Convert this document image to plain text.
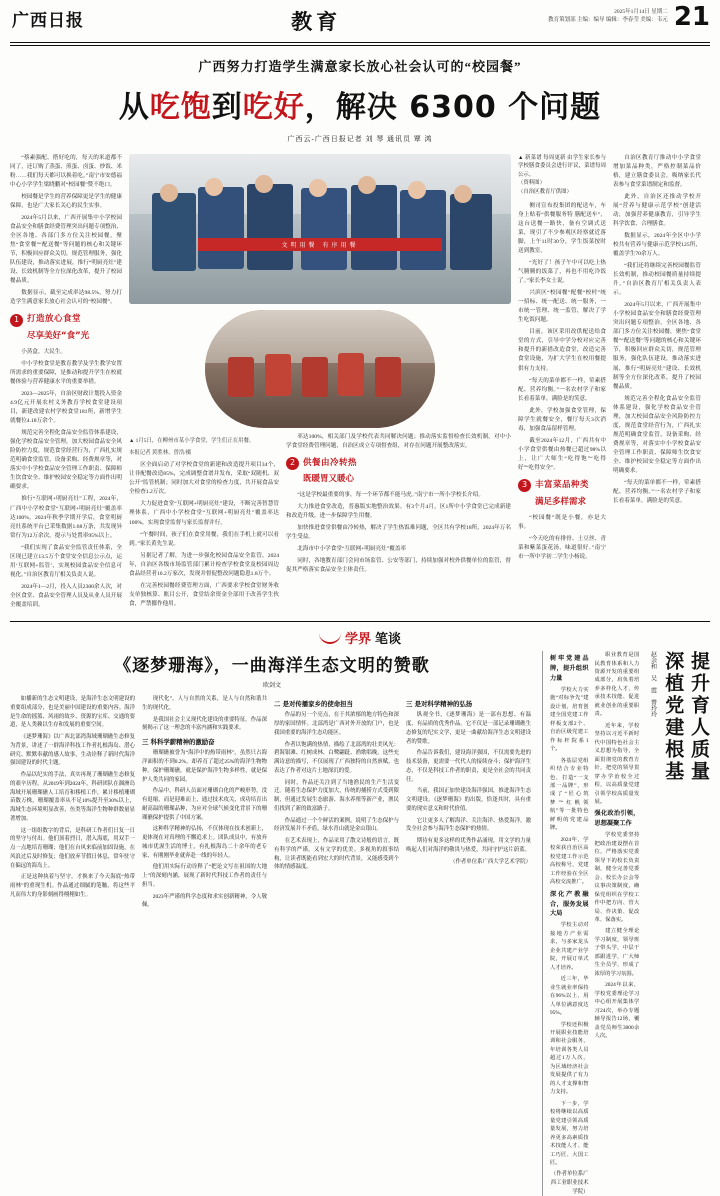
广西日报	教育	2025年1月14日 星期二
教育策划部 主编：编导 编辑：李春莹 美编：韦元 21
广西努力打造学生满意家长放心社会认可的“校园餐”
从吃饱到吃好，解决 6300 个问题
广西云-广西日报记者 刘 琴 通讯员 覃 鸿

“蔡素强配、搭好吃的，每天的米道都不同了，还订购了蒸蛋、煎蛋、卤蛋、炒饭、米粉……我们每天都可以换着吃。”南宁市安德福中心小学学生梁晓鹏对“校园餐”赞不绝口。

校园餐是学生的营养保障更是学生的健康保障，也是广大家长关心的民生实事。

2024年5月以来，广西开展集中小学校园食品安全和膳食经费管理突出问题专项整治，全区各地、各部门多方位关注校园餐，聚焦“食堂餐”“配送餐”等问题的核心和关键环节，积极回应群众关切，规范管理服务，强化队伍建设，推动落实进展，推行“明厨亮灶”建设、长效机制等全方位深化改革，提升了校园餐品质。

数据显示，截至完成率达98.5%，努力打造学生满意家长放心社会认可的“校园餐”。

1 打造放心食堂
尽享美好“食”光

小蒸盒，大民生。

中小学校食堂是教育教学及学生教学安置所需求的重要保障，是推动和提升学生在校就餐体验与营养健康水平的重要举措。

2023—2025年，自治区财政计划投入资金4.9亿元开展农村义务教育学校食堂建设项目，新建改建农村学校食堂181所，新增学生就餐位4.18万余个。

规范完善全程化食品安全监管体系建设，强化学校食品安全管理，加大校园食品安全风险防控力度，规范食堂经营行为，广西扎实规范明确食堂监管，设备采购、经费规章等，对落实中小学校食品安全管理工作职责、保障师生饮食安全、维护校园安全稳定等方面作出明确要求。

推行“互联网+明厨亮灶”工程，2024年，广西中小学校食堂“互联网+明厨亮灶”覆盖率达100%，2024年秋季学期开学后，食堂明厨亮灶系统平台已采集数据1.68万条，共发现异常行为12万余次，提示与处置率95%以上。

“我们实现了食品安全监管责任体系，全区现已建立13.5万个食堂安全信息公示点，运用‘互联网+监管’，实现校园食品安全信息可视化。”自治区教育厅相关负责人说。

2024年1—2月，投入人员2300余人次，对全区食堂、食品安全管理人员及从业人员开展全覆盖培训。

文明用餐 有序用餐
▲ 1月5日，在柳州市某小学食堂，学生们正在用餐。
本报记者 黄胜林、曾浩/摄

区全面启动了对学校食堂的新建和改造提升项目34个，让非配餐改造85%，完成调整食谱并发布，采取“双随机、双公开”监管机制；同时加大对食堂的检查力度，共开展食品安全检查1.2万次。

大力促进食堂“互联网+明厨亮灶”建设，不断完善智慧管理体系，广西中小学校食堂“互联网+明厨亮灶”覆盖率达100%，实现食堂监督与家长监督并行。

“午餐时间，孩子们在食堂用餐，我们在手机上就可以看到。”家长黄先生说。

另据记者了解，为进一步强化校园食品安全监管，2024年，自治区各级市场监管部门累计检查学校食堂及校园周边食品经营者10.2万家次，发现并督促整改问题隐患1.8万个。

在完善校园餐经费管理方面，广西要求学校食堂财务收支单独核算、账目公开，食堂结余资金全部用于改善学生伙食，严禁挪作他用。

率达100%，相关部门及学校代表共同解决问题；推动落实监督检查长效机制，对中小学食堂经费管理问题，自治区成立专项督查组，对存在问题开展整改落实。

2 供餐由冷转热
既暖胃又暖心

“这是学校最重要的事，每一个环节都不能马虎。”南宁市一所小学校长介绍。

大力推进食堂改造，普惠版实地整治效果。有3个月4月，区1所中小学食堂已完成新建和改造升级，进一步保障学生用餐。

加快推进食堂供餐由冷转热，解决了学生热饭难问题，全区共有学校18所，2024年万名学生受益。

北海市中小学食堂“互联网+明厨亮灶”覆盖率

同时，各地教育部门会同市场监管、公安等部门，持续加强对校外供餐单位的监管，督促其严格落实食品安全主体责任。

▲ 新菜谱 每周更新 由学生家长参与学校膳食委员会进行评议，菜谱每周公示。
（资料图）
（自治区教育厅供图）

侧司宣布投集团的配送车，车身上贴着“供餐服务特 膳配送车”，这台送餐一路快，备有空调式送菜，现引了不少参观区经察就近落脚，上午11时30分，学生饭菜按时送到教室。

“光好了！孩子午中可以吃上热气腾腾的饭菜了，再也不用吃冷饭了。”家长李女士说。

兴滨区“校园餐”配餐“校村”统一招标、统一配送、统一服务，一市统一管理、统一监管，解决了学生吃饭问题。

目前，该区采用改供配送给食堂的方式，引导中学分校对应完善和提升的新措改造食堂，改造完善食堂设施，为扩大学生在校用餐提供有力支持。

“每天的菜单都不一样，荤素搭配、营养均衡。”一名农村学子和家长看着菜单，满脸是的笑意。

此外，学校加强食堂管理，保障学生就餐安全，餐厅每天3次消毒，加强食品留样管理。

截至2024年12月，广西共有中小学食堂供餐由热餐已超过98%以上，让广大师生“吃得饱”“吃得好”“吃得安全”。

3 丰富菜品种类
满足多样需求

“校园餐”既是小餐，亦是大事。

“今天吃的有排骨、土豆丝、青菜和紫菜蛋花汤，味道很好。”南宁市一所中学初二学生小杨说。

自治区教育厅推动中小学食堂增加菜品种类，严格控制菜品价格，建立膳食委员会，吸纳家长代表参与食堂菜谱制定和监督。

此外，自治区还推动学校开展“营养与健康示范学校”创建活动，加强营养健康教育，引导学生科学饮食、合理膳食。

数据显示，2024年全区中小学校共有营养与健康示范学校125所，覆盖学生70余万人。

“我们还将继续完善校园餐监管长效机制，推动校园餐质量持续提升。”自治区教育厅相关负责人表示。

2024年5月以来，广西开展集中小学校园食品安全和膳食经费管理突出问题专项整治，全区各地、各部门多方位关注校园餐，聚焦“食堂餐”“配送餐”等问题的核心和关键环节，积极回应群众关切，规范管理服务，强化队伍建设，推动落实进展，推行“明厨亮灶”建设、长效机制等全方位深化改革，提升了校园餐品质。

规范完善全程化食品安全监管体系建设，强化学校食品安全管理，加大校园食品安全风险防控力度，规范食堂经营行为，广西扎实规范明确食堂监管，设备采购、经费规章等，对落实中小学校食品安全管理工作职责、保障师生饮食安全、维护校园安全稳定等方面作出明确要求。

“每天的菜单都不一样，荤素搭配、营养均衡。”一名农村学子和家长看着菜单，满脸是的笑意。

学界 笔谈
《逐梦珊海》，一曲海洋生态文明的赞歌
欧剑文

如播新的生态文明建设，是海洋生态文明建设的重要组成部分，也是美丽中国建设的重要内容。海洋是生命的摇篮、风雨的故乡、资源的宝库、交通的要道，是人类赖以生存和发展的重要空间。

《逐梦珊海》以广西北部湾海域珊瑚礁生态修复为背景，讲述了一群海洋科技工作者扎根海岛、潜心研究、默默奉献的感人故事，生动诠释了新时代海洋强国建设的时代主题。

作品以纪实的手法，真实再现了珊瑚礁生态修复的艰辛历程。从2019年到2024年，科研团队在涠洲岛海域开展珊瑚礁人工培育和移植工作，累计移植珊瑚苗数万株，珊瑚覆盖率从不足10%提升至30%以上，海域生态环境明显改善，鱼类等海洋生物种群数量显著增加。

这一组组数字的背后，是科研工作者们日复一日的坚守与付出。他们顶着烈日，潜入海底，用双手一点一点地培育珊瑚；他们在台风来临前加固设施，在风浪过后及时修复；他们放弃节假日休息，常年驻守在偏远的海岛上。

正是这种执着与坚守，才换来了今天海底“热带雨林”的重现生机。作品通过细腻的笔触，将这些平凡而伟大的身影刻画得栩栩如生。

现代化”，人与自然的关系，是人与自然和谐共生的现代化。

是我国社会主义现代化建设的重要特征。作品深刻揭示了这一理念的丰富内涵和实践要求。

三 科科学薪精神的激励奋

珊瑚礁被誉为“海洋中的热带雨林”，虽然只占海洋面积的不到0.2%，却养育了超过25%的海洋生物物种。保护珊瑚礁，就是保护海洋生物多样性，就是保护人类共同的家园。

作品中，科研人员面对珊瑚白化的严峻形势，没有退缩，而是迎难而上，通过技术攻关，成功培育出耐高温的珊瑚品种，为应对全球气候变化背景下的珊瑚礁保护提供了中国方案。

这种科学精神的弘扬，不仅体现在技术创新上，更体现在对真理的不懈追求上。团队成员中，有放弃城市优渥生活的博士，有扎根海岛二十余年的老专家，有刚刚毕业就奔赴一线的年轻人。

他们用实际行动诠释了“把论文写在祖国的大地上”的深刻内涵，展现了新时代科技工作者的责任与担当。

2023年严谨的科学态度和求实创新精神，令人敬佩。

二 是对传播家乡的使命担当

作品的另一个亮点，在于其浓郁的地方特色和深厚的家国情怀。北部湾是广西对外开放的门户，也是我国重要的海洋生态功能区。

作者以饱满的热情，描绘了北部湾的壮美风光：碧海银滩、红树成林、白鹭翩跹、渔歌唱晚。这些充满诗意的描写，不仅展现了广西独特的自然禀赋，也表达了作者对这片土地深沉的爱。

同时，作品还关注到了当地渔民的生产生活变迁。随着生态保护力度加大，传统的捕捞方式受到限制，但通过发展生态旅游、海水养殖等新产业，渔民们找到了新的致富路子。

作品通过一个个鲜活的案例，说明了生态保护与经济发展并不矛盾，绿水青山就是金山银山。

在艺术表现上，作品采用了散文诗般的语言，既有科学的严谨，又有文学的优美。多视角的叙事结构，让读者既能看到宏大的时代背景，又能感受到个体的情感温度。

三 是对科学精神的弘扬

纵观全书，《逐梦珊海》是一部有思想、有温度、有品质的优秀作品。它不仅是一部记录珊瑚礁生态修复的纪实文学，更是一曲献给海洋生态文明建设者的赞歌。

作品告诉我们，建设海洋强国，不仅需要先进的技术装备，更需要一代代人的接续奋斗；保护海洋生态，不仅是科技工作者的职责，更是全社会的共同责任。

当前，我国正加快建设海洋强国，推进海洋生态文明建设。《逐梦珊海》的出版，恰逢其时，具有重要的现实意义和时代价值。

它让更多人了解海洋、关注海洋、热爱海洋，激发全社会参与海洋生态保护的热情。

期待有更多这样的优秀作品涌现，用文学的力量唤起人们对海洋的敬畏与热爱，共同守护这片蔚蓝。

（作者单位系广西大学艺术学院）
树牢党建品牌，提升组织力量

学校大力实施“对标争先”建设计划，培育创建全国党建工作样板支部2个、自治区级党建工作标杆院系1个。

各基层党组织结合专业特色，打造“一支部一品牌”，形成了“匠心筑梦”“红帆领航”等一批特色鲜明的党建品牌。

2024年，学校荣获自治区高校党建工作示范高校称号，党建工作经验在全区高校交流推广。

深化产教融合，服务发展大局

学校主动对接地方产业需求，与多家龙头企业共建产业学院，开展订单式人才培养。

近三年，毕业生就业率保持在96%以上，用人单位满意度达95%。

学校还积极开展职业技能培训和社会服务，年培训各类人员超过1万人次，为区域经济社会发展提供了有力的人才支撑和智力支持。

下一步，学校将继续以高质量党建引领高质量发展，努力培养更多高素质技术技能人才、能工巧匠、大国工匠。

（作者单位系广西工业职业技术学院）

职业教育是国民教育体系和人力资源开发的重要组成部分，肩负着培养多样化人才、传承技术技能、促进就业创业的重要职责。

近年来，学校坚持以习近平新时代中国特色社会主义思想为指导，全面贯彻党的教育方针，把党的领导贯穿办学治校全过程，以高质量党建引领学校高质量发展。

强化政治引领，思想凝聚工作

学校党委坚持把政治建设摆在首位，严格落实党委领导下的校长负责制，健全完善党委会、校长办公会等议事决策制度，确保党组织在学校工作中把方向、管大局、作决策、促改革、保落实。

建立健全理论学习制度，领导班子带头学，中层干部跟进学，广大师生全员学，形成了浓厚的学习氛围。

2024年以来，学校党委理论学习中心组开展集体学习24次，举办专题辅导报告12场，覆盖党员师生3000余人次。

赵余和 吴 霞 曾玲玲 深植党建根基 提升育人质量
